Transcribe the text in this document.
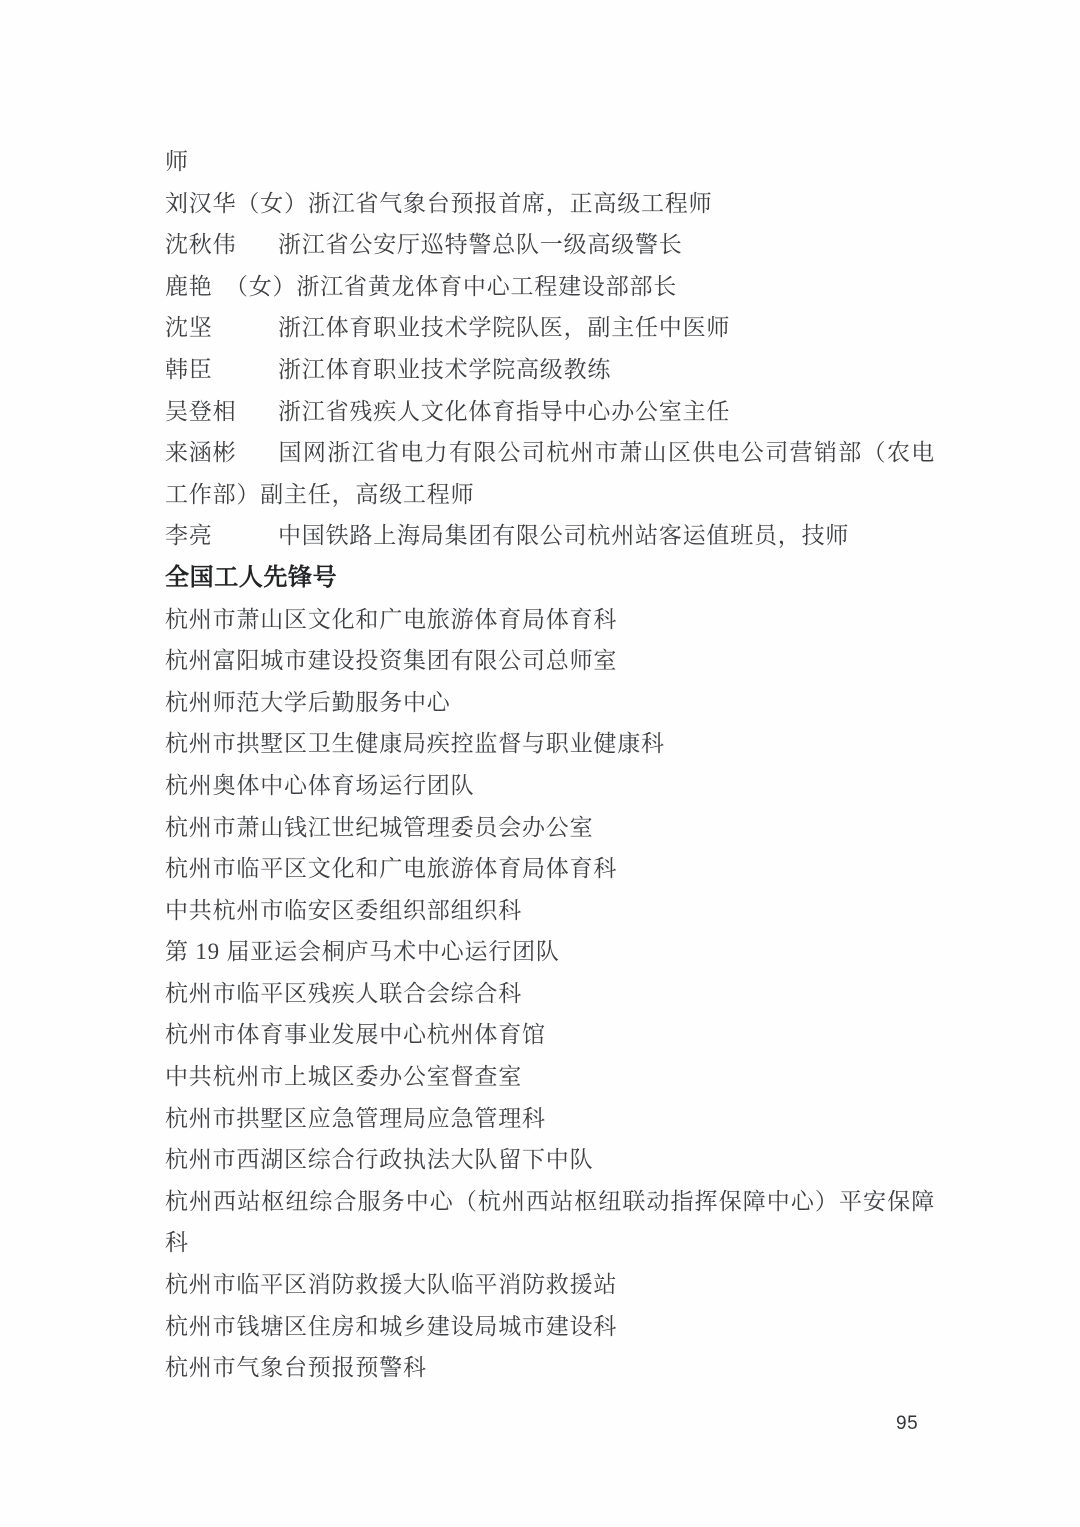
师

刘汉华（女）浙江省气象台预报首席，正高级工程师

沈秋伟 浙江省公安厅巡特警总队一级高级警长

鹿艳　（女）浙江省黄龙体育中心工程建设部部长

沈坚	浙江体育职业技术学院队医，副主任中医师

韩臣	浙江体育职业技术学院高级教练

吴登相 浙江省残疾人文化体育指导中心办公室主任

来涵彬 国网浙江省电力有限公司杭州市萧山区供电公司营销部（农电工作部）副主任，高级工程师

李亮	中国铁路上海局集团有限公司杭州站客运值班员，技师

全国工人先锋号

杭州市萧山区文化和广电旅游体育局体育科

杭州富阳城市建设投资集团有限公司总师室

杭州师范大学后勤服务中心

杭州市拱墅区卫生健康局疾控监督与职业健康科

杭州奥体中心体育场运行团队

杭州市萧山钱江世纪城管理委员会办公室

杭州市临平区文化和广电旅游体育局体育科

中共杭州市临安区委组织部组织科

第 19 届亚运会桐庐马术中心运行团队

杭州市临平区残疾人联合会综合科

杭州市体育事业发展中心杭州体育馆

中共杭州市上城区委办公室督查室

杭州市拱墅区应急管理局应急管理科

杭州市西湖区综合行政执法大队留下中队

杭州西站枢纽综合服务中心（杭州西站枢纽联动指挥保障中心）平安保障科

杭州市临平区消防救援大队临平消防救援站

杭州市钱塘区住房和城乡建设局城市建设科

杭州市气象台预报预警科

95
